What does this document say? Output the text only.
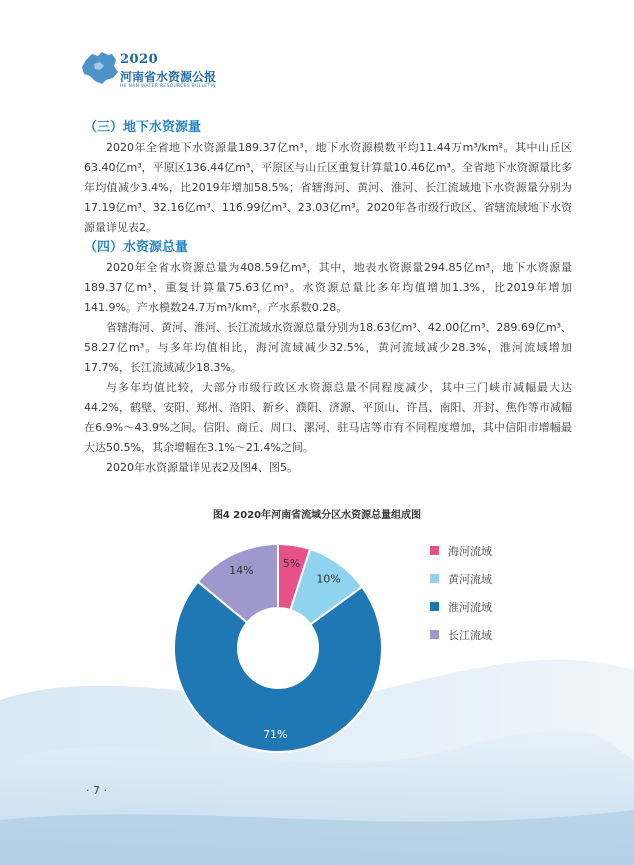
2020
河南省水资源公报
HE NAN WATER RESOURCES BULLETIN
（三）地下水资源量

2020年全省地下水资源量189.37亿m³，地下水资源模数平均11.44万m³/km²。其中山丘区63.40亿m³，平原区136.44亿m³，平原区与山丘区重复计算量10.46亿m³。全省地下水资源量比多年均值减少3.4%，比2019年增加58.5%；省辖海河、黄河、淮河、长江流域地下水资源量分别为17.19亿m³、32.16亿m³、116.99亿m³、23.03亿m³。2020年各市级行政区、省辖流域地下水资源量详见表2。

（四）水资源总量

2020年全省水资源总量为408.59亿m³，其中，地表水资源量294.85亿m³，地下水资源量189.37亿m³，重复计算量75.63亿m³。水资源总量比多年均值增加1.3%，比2019年增加141.9%。产水模数24.7万m³/km²，产水系数0.28。

省辖海河、黄河、淮河、长江流域水资源总量分别为18.63亿m³、42.00亿m³、289.69亿m³、58.27亿m³。与多年均值相比，海河流域减少32.5%，黄河流域减少28.3%，淮河流域增加17.7%，长江流域减少18.3%。

与多年均值比较，大部分市级行政区水资源总量不同程度减少，其中三门峡市减幅最大达44.2%，鹤壁、安阳、郑州、洛阳、新乡、濮阳、济源、平顶山、许昌、南阳、开封、焦作等市减幅在6.9%～43.9%之间。信阳、商丘、周口、漯河、驻马店等市有不同程度增加，其中信阳市增幅最大达50.5%，其余增幅在3.1%～21.4%之间。

2020年水资源量详见表2及图4、图5。

图4 2020年河南省流域分区水资源总量组成图
5%
10%
71%
14%
海河流域
黄河流域
淮河流域
长江流域
· 7 ·
